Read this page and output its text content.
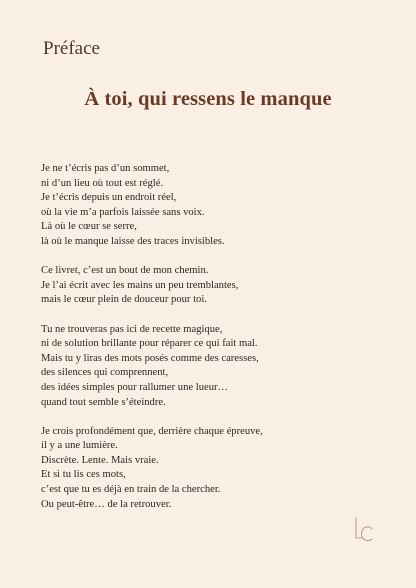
Préface
À toi, qui ressens le manque
Je ne t’écris pas d’un sommet,
ni d’un lieu où tout est réglé.
Je t’écris depuis un endroit réel,
où la vie m’a parfois laissée sans voix.
Là où le cœur se serre,
là où le manque laisse des traces invisibles.
Ce livret, c’est un bout de mon chemin.
Je l’ai écrit avec les mains un peu tremblantes,
mais le cœur plein de douceur pour toi.
Tu ne trouveras pas ici de recette magique,
ni de solution brillante pour réparer ce qui fait mal.
Mais tu y liras des mots posés comme des caresses,
des silences qui comprennent,
des idées simples pour rallumer une lueur…
quand tout semble s’éteindre.
Je crois profondément que, derrière chaque épreuve,
il y a une lumière.
Discrète. Lente. Mais vraie.
Et si tu lis ces mots,
c’est que tu es déjà en train de la chercher.
Ou peut-être… de la retrouver.
